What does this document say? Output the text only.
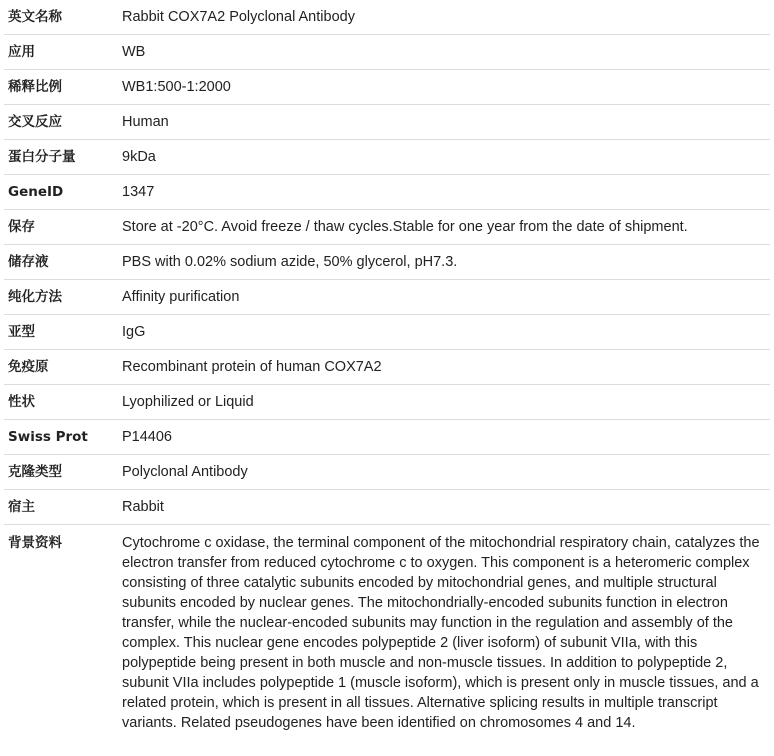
英文名称	Rabbit COX7A2 Polyclonal Antibody
应用	WB
稀释比例	WB1:500-1:2000
交叉反应	Human
蛋白分子量	9kDa
GeneID	1347
保存	Store at -20°C. Avoid freeze / thaw cycles.Stable for one year from the date of shipment.
储存液	PBS with 0.02% sodium azide, 50% glycerol, pH7.3.
纯化方法	Affinity purification
亚型	IgG
免疫原	Recombinant protein of human COX7A2
性状	Lyophilized or Liquid
Swiss Prot	P14406
克隆类型	Polyclonal Antibody
宿主	Rabbit
背景资料	Cytochrome c oxidase, the terminal component of the mitochondrial respiratory chain, catalyzes the electron transfer from reduced cytochrome c to oxygen. This component is a heteromeric complex consisting of three catalytic subunits encoded by mitochondrial genes, and multiple structural subunits encoded by nuclear genes. The mitochondrially-encoded subunits function in electron transfer, while the nuclear-encoded subunits may function in the regulation and assembly of the complex. This nuclear gene encodes polypeptide 2 (liver isoform) of subunit VIIa, with this polypeptide being present in both muscle and non-muscle tissues. In addition to polypeptide 2, subunit VIIa includes polypeptide 1 (muscle isoform), which is present only in muscle tissues, and a related protein, which is present in all tissues. Alternative splicing results in multiple transcript variants. Related pseudogenes have been identified on chromosomes 4 and 14.
